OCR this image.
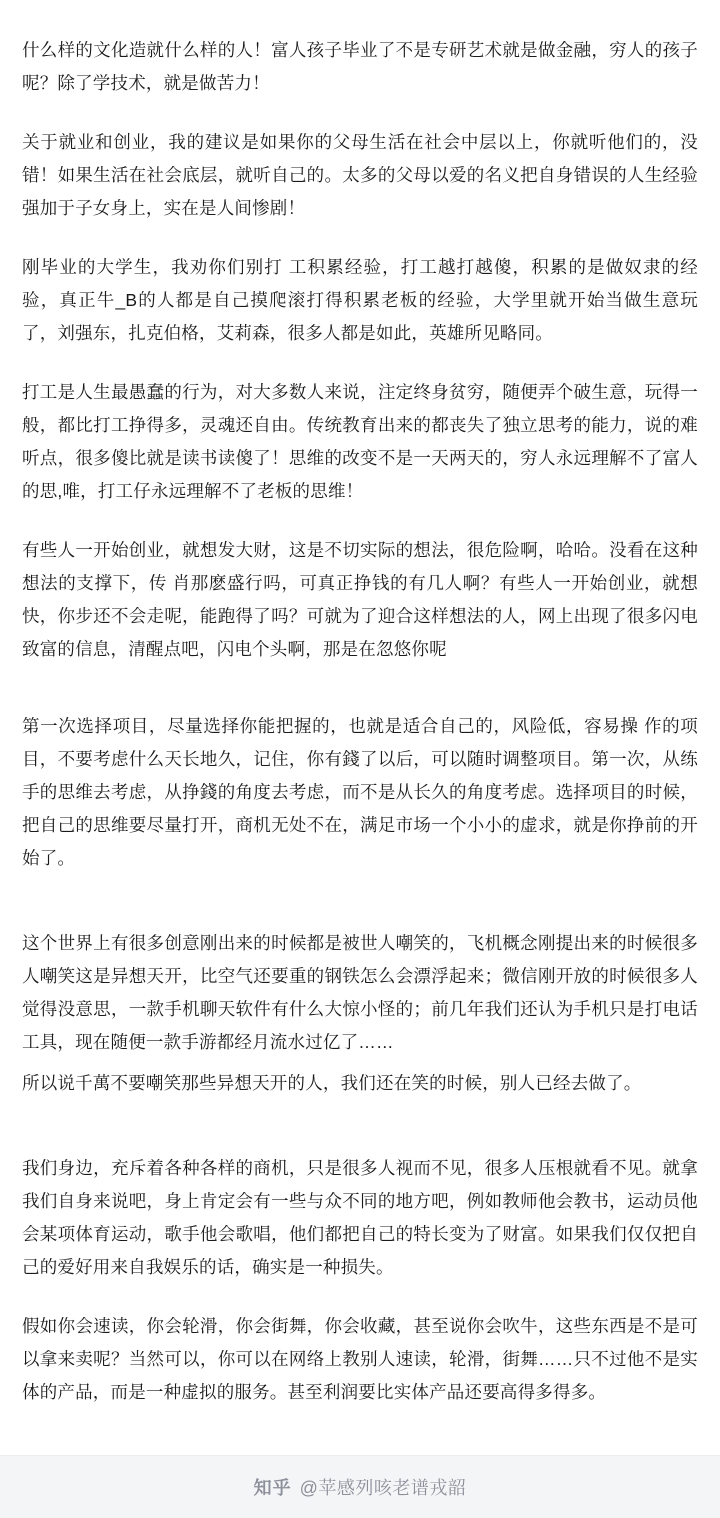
什么样的文化造就什么样的人！富人孩子毕业了不是专研艺术就是做金融，穷人的孩子呢？除了学技术，就是做苦力！

关于就业和创业，我的建议是如果你的父母生活在社会中层以上，你就听他们的，没错！如果生活在社会底层，就听自己的。太多的父母以爱的名义把自身错误的人生经验强加于子女身上，实在是人间惨剧！

刚毕业的大学生，我劝你们别打 工积累经验，打工越打越傻，积累的是做奴隶的经验，真正牛_B的人都是自己摸爬滚打得积累老板的经验，大学里就开始当做生意玩了，刘强东，扎克伯格，艾莉森，很多人都是如此，英雄所见略同。

打工是人生最愚蠢的行为，对大多数人来说，注定终身贫穷，随便弄个破生意，玩得一般，都比打工挣得多，灵魂还自由。传统教育出来的都丧失了独立思考的能力，说的难听点，很多傻比就是读书读傻了！思维的改变不是一天两天的，穷人永远理解不了富人的思,唯，打工仔永远理解不了老板的思维！

有些人一开始创业，就想发大财，这是不切实际的想法，很危险啊，哈哈。没看在这种想法的支撑下，传 肖那麽盛行吗，可真正挣钱的有几人啊？有些人一开始创业，就想快，你步还不会走呢，能跑得了吗？可就为了迎合这样想法的人，网上出现了很多闪电致富的信息，清醒点吧，闪电个头啊，那是在忽悠你呢

第一次选择项目，尽量选择你能把握的，也就是适合自己的，风险低，容易操 作的项目，不要考虑什么天长地久，记住，你有錢了以后，可以随时调整项目。第一次，从练手的思维去考虑，从挣錢的角度去考虑，而不是从长久的角度考虑。选择项目的时候，把自己的思维要尽量打开，商机无处不在，满足市场一个小小的虚求，就是你挣前的开始了。

这个世界上有很多创意刚出来的时候都是被世人嘲笑的，飞机概念刚提出来的时候很多人嘲笑这是异想天开，比空气还要重的钢铁怎么会漂浮起来；微信刚开放的时候很多人觉得没意思，一款手机聊天软件有什么大惊小怪的；前几年我们还认为手机只是打电话工具，现在随便一款手游都经月流水过亿了……

所以说千萬不要嘲笑那些异想天开的人，我们还在笑的时候，别人已经去做了。

我们身边，充斥着各种各样的商机，只是很多人视而不见，很多人压根就看不见。就拿我们自身来说吧，身上肯定会有一些与众不同的地方吧，例如教师他会教书，运动员他会某项体育运动，歌手他会歌唱，他们都把自己的特长变为了财富。如果我们仅仅把自己的爱好用来自我娱乐的话，确实是一种损失。

假如你会速读，你会轮滑，你会街舞，你会收藏，甚至说你会吹牛，这些东西是不是可以拿来卖呢？当然可以，你可以在网络上教别人速读，轮滑，街舞……只不过他不是实体的产品，而是一种虚拟的服务。甚至利润要比实体产品还要高得多得多。

知乎 @苹感列咳老谱戎韶
